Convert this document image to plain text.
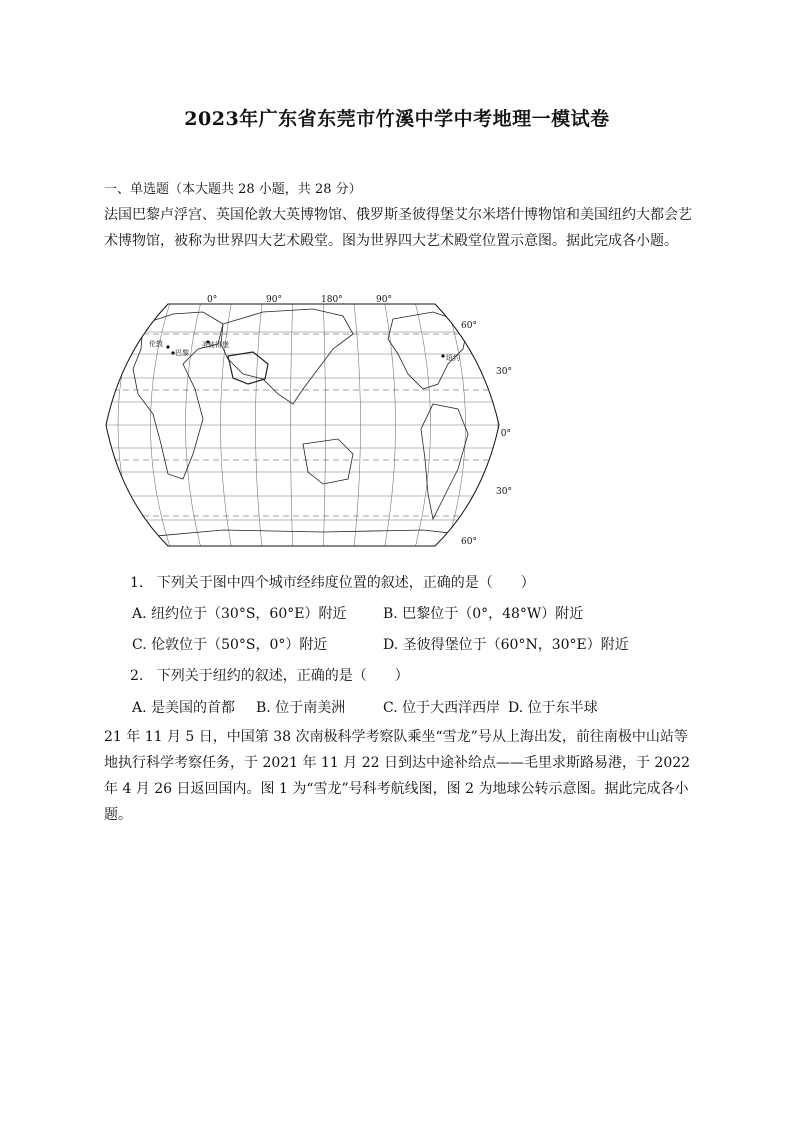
2023年广东省东莞市竹溪中学中考地理一模试卷
一、单选题（本大题共 28 小题，共 28 分）
法国巴黎卢浮宫、英国伦敦大英博物馆、俄罗斯圣彼得堡艾尔米塔什博物馆和美国纽约大都会艺术博物馆，被称为世界四大艺术殿堂。图为世界四大艺术殿堂位置示意图。据此完成各小题。
0°	90°	180°	90°
60°
30°
0°
30°
60°
伦敦
巴黎
圣彼得堡
纽约
1. 下列关于图中四个城市经纬度位置的叙述，正确的是（　　）
A. 纽约位于（30°S，60°E）附近	B. 巴黎位于（0°，48°W）附近
C. 伦敦位于（50°S，0°）附近	D. 圣彼得堡位于（60°N，30°E）附近
2. 下列关于纽约的叙述，正确的是（　　）
A. 是美国的首都 B. 位于南美洲	C. 位于大西洋西岸 D. 位于东半球
21 年 11 月 5 日，中国第 38 次南极科学考察队乘坐“雪龙”号从上海出发，前往南极中山站等地执行科学考察任务，于 2021 年 11 月 22 日到达中途补给点——毛里求斯路易港，于 2022 年 4 月 26 日返回国内。图 1 为“雪龙”号科考航线图，图 2 为地球公转示意图。据此完成各小题。
